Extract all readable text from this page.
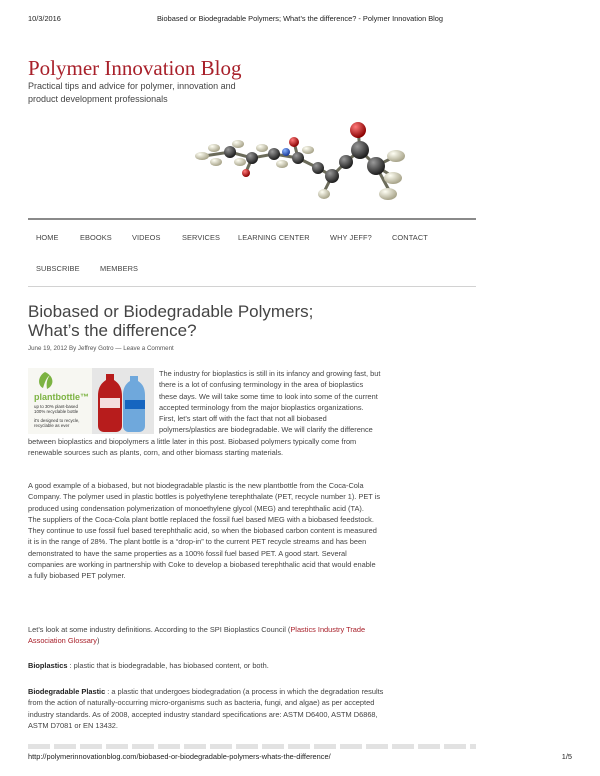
10/3/2016	Biobased or Biodegradable Polymers; What’s the difference? - Polymer Innovation Blog
Polymer Innovation Blog
Practical tips and advice for polymer, innovation and
product development professionals
HOME	EBOOKS	VIDEOS	SERVICES LEARNING CENTER	WHY JEFF?	CONTACT
SUBSCRIBE	MEMBERS
Biobased or Biodegradable Polymers;
What’s the difference?
June 19, 2012 By Jeffrey Gotro — Leave a Comment
plantbottle™
up to 30% plant-based
100% recyclable bottle
it's designed to recycle,
recyclable as ever
The industry for bioplastics is still in its infancy and growing fast, but
there is a lot of confusing terminology in the area of bioplastics
these days. We will take some time to look into some of the current
accepted terminology from the major bioplastics organizations.
First, let’s start off with the fact that not all biobased
polymers/plastics are biodegradable. We will clarify the difference
between bioplastics and biopolymers a little later in this post. Biobased polymers typically come from
renewable sources such as plants, corn, and other biomass starting materials.
A good example of a biobased, but not biodegradable plastic is the new plantbottle from the Coca-Cola
Company. The polymer used in plastic bottles is polyethylene terephthalate (PET, recycle number 1). PET is
produced using condensation polymerization of monoethylene glycol (MEG) and terephthalic acid (TA).
The suppliers of the Coca-Cola plant bottle replaced the fossil fuel based MEG with a biobased feedstock.
They continue to use fossil fuel based terephthalic acid, so when the biobased carbon content is measured
it is in the range of 28%. The plant bottle is a “drop-in” to the current PET recycle streams and has been
demonstrated to have the same properties as a 100% fossil fuel based PET. A good start. Several
companies are working in partnership with Coke to develop a biobased terephthalic acid that would enable
a fully biobased PET polymer.
Let’s look at some industry definitions. According to the SPI Bioplastics Council (Plastics Industry Trade
Association Glossary)
Bioplastics : plastic that is biodegradable, has biobased content, or both.
Biodegradable Plastic : a plastic that undergoes biodegradation (a process in which the degradation results
from the action of naturally-occurring micro-organisms such as bacteria, fungi, and algae) as per accepted
industry standards. As of 2008, accepted industry standard specifications are: ASTM D6400, ASTM D6868,
ASTM D7081 or EN 13432.
http://polymerinnovationblog.com/biobased-or-biodegradable-polymers-whats-the-difference/	1/5
